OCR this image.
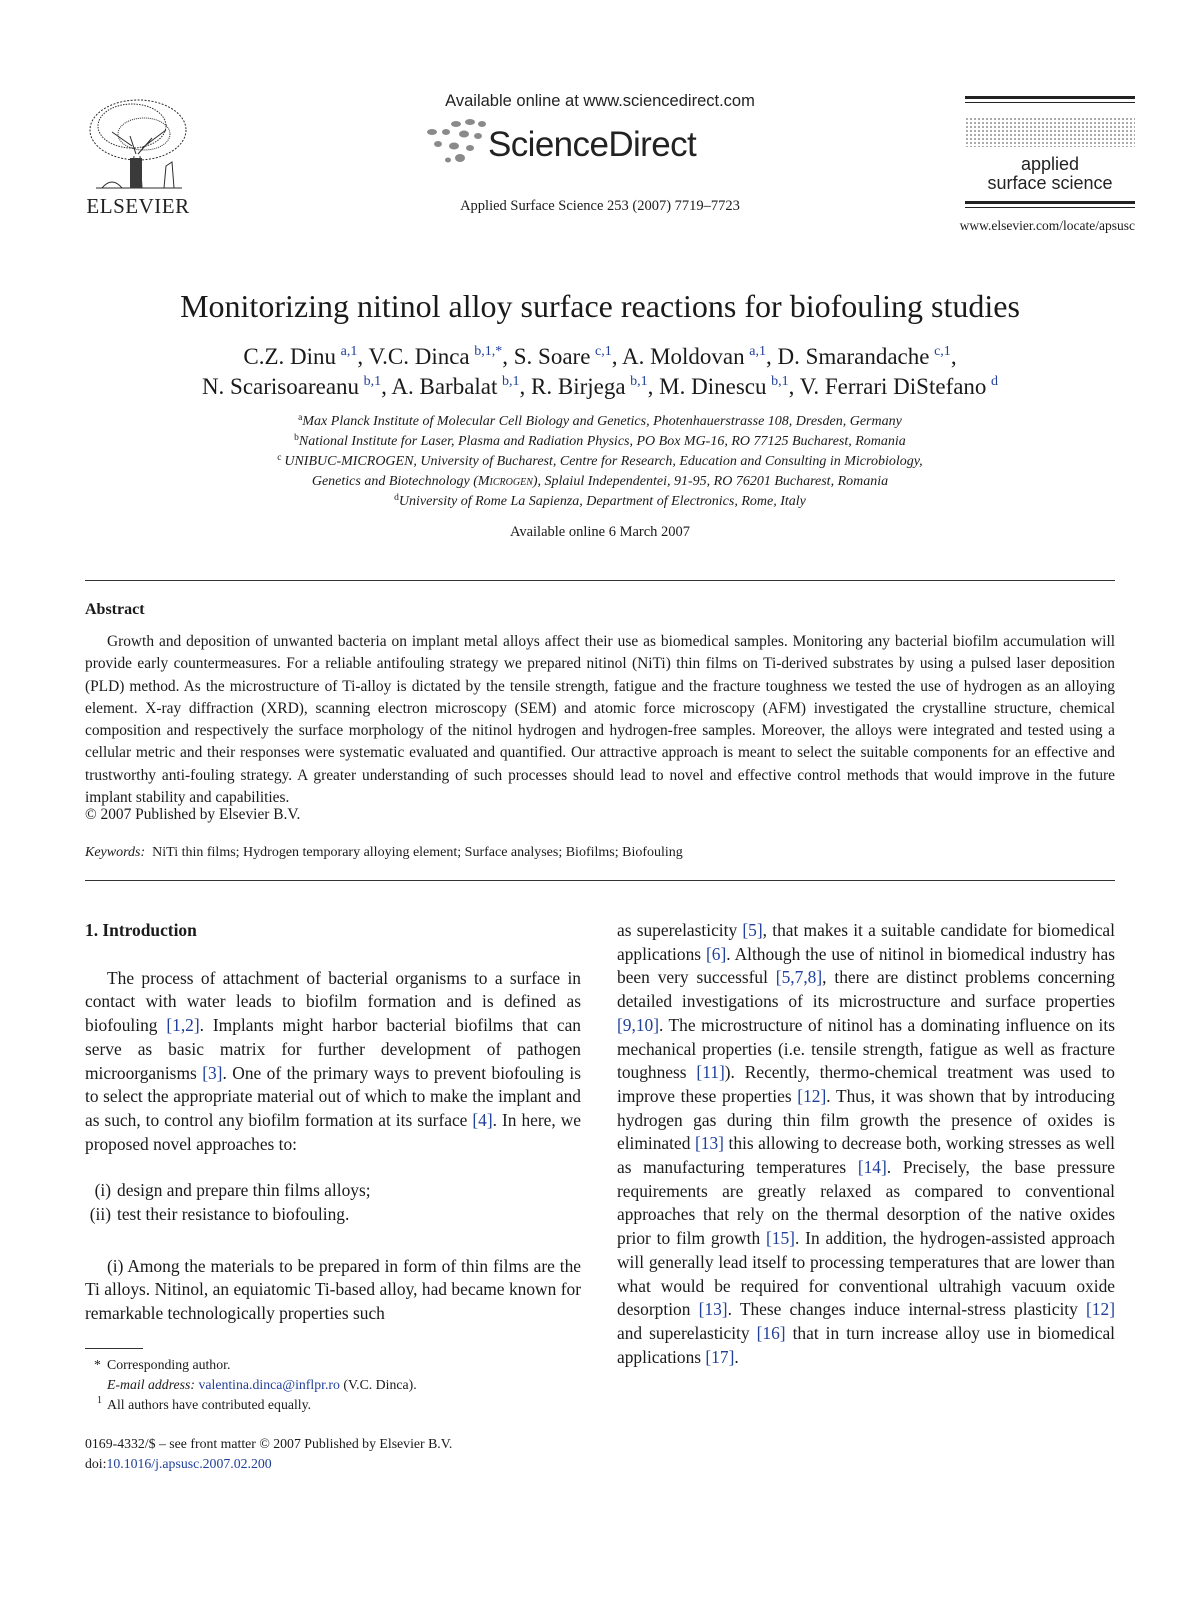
ELSEVIER
Available online at www.sciencedirect.com
ScienceDirect
Applied Surface Science 253 (2007) 7719–7723
applied
surface science
www.elsevier.com/locate/apsusc
Monitorizing nitinol alloy surface reactions for biofouling studies
C.Z. Dinu  $^{a,1}$, V.C. Dinca  $^{b,1,*}$, S. Soare  $^{c,1}$, A. Moldovan  $^{a,1}$, D. Smarandache  $^{c,1}$,
N. Scarisoareanu  $^{b,1}$, A. Barbalat  $^{b,1}$, R. Birjega  $^{b,1}$, M. Dinescu  $^{b,1}$, V. Ferrari DiStefano  $^d$
$^a$Max Planck Institute of Molecular Cell Biology and Genetics, Photenhauerstrasse 108, Dresden, Germany
$^b$National Institute for Laser, Plasma and Radiation Physics, PO Box MG-16, RO 77125 Bucharest, Romania
$^c$  UNIBUC-MICROGEN, University of Bucharest, Centre for Research, Education and Consulting in Microbiology,
Genetics and Biotechnology (Microgen), Splaiul Independentei, 91-95, RO 76201 Bucharest, Romania
$^d$University of Rome La Sapienza, Department of Electronics, Rome, Italy
Available online 6 March 2007
Abstract
Growth and deposition of unwanted bacteria on implant metal alloys affect their use as biomedical samples. Monitoring any bacterial biofilm accumulation will provide early countermeasures. For a reliable antifouling strategy we prepared nitinol (NiTi) thin films on Ti-derived substrates by using a pulsed laser deposition (PLD) method. As the microstructure of Ti-alloy is dictated by the tensile strength, fatigue and the fracture toughness we tested the use of hydrogen as an alloying element. X-ray diffraction (XRD), scanning electron microscopy (SEM) and atomic force microscopy (AFM) investigated the crystalline structure, chemical composition and respectively the surface morphology of the nitinol hydrogen and hydrogen-free samples. Moreover, the alloys were integrated and tested using a cellular metric and their responses were systematic evaluated and quantified. Our attractive approach is meant to select the suitable components for an effective and trustworthy anti-fouling strategy. A greater understanding of such processes should lead to novel and effective control methods that would improve in the future implant stability and capabilities.
© 2007 Published by Elsevier B.V.
Keywords: NiTi thin films; Hydrogen temporary alloying element; Surface analyses; Biofilms; Biofouling
1. Introduction

The process of attachment of bacterial organisms to a surface in contact with water leads to biofilm formation and is defined as biofouling [1,2]. Implants might harbor bacterial biofilms that can serve as basic matrix for further development of pathogen microorganisms [3]. One of the primary ways to prevent biofouling is to select the appropriate material out of which to make the implant and as such, to control any biofilm formation at its surface [4]. In here, we proposed novel approaches to:

(i) design and prepare thin films alloys;
(ii) test their resistance to biofouling.

(i) Among the materials to be prepared in form of thin films are the Ti alloys. Nitinol, an equiatomic Ti-based alloy, had became known for remarkable technologically properties such

as superelasticity [5], that makes it a suitable candidate for biomedical applications [6]. Although the use of nitinol in biomedical industry has been very successful [5,7,8], there are distinct problems concerning detailed investigations of its microstructure and surface properties [9,10]. The microstructure of nitinol has a dominating influence on its mechanical properties (i.e. tensile strength, fatigue as well as fracture toughness [11]). Recently, thermo-chemical treatment was used to improve these properties [12]. Thus, it was shown that by introducing hydrogen gas during thin film growth the presence of oxides is eliminated [13] this allowing to decrease both, working stresses as well as manufacturing temperatures [14]. Precisely, the base pressure requirements are greatly relaxed as compared to conventional approaches that rely on the thermal desorption of the native oxides prior to film growth [15]. In addition, the hydrogen-assisted approach will generally lead itself to processing temperatures that are lower than what would be required for conventional ultrahigh vacuum oxide desorption [13]. These changes induce internal-stress plasticity [12] and superelasticity [16] that in turn increase alloy use in biomedical applications [17].

* Corresponding author.
E-mail address: valentina.dinca@inflpr.ro (V.C. Dinca).
1 All authors have contributed equally.
0169-4332/$ – see front matter © 2007 Published by Elsevier B.V.
doi:10.1016/j.apsusc.2007.02.200
